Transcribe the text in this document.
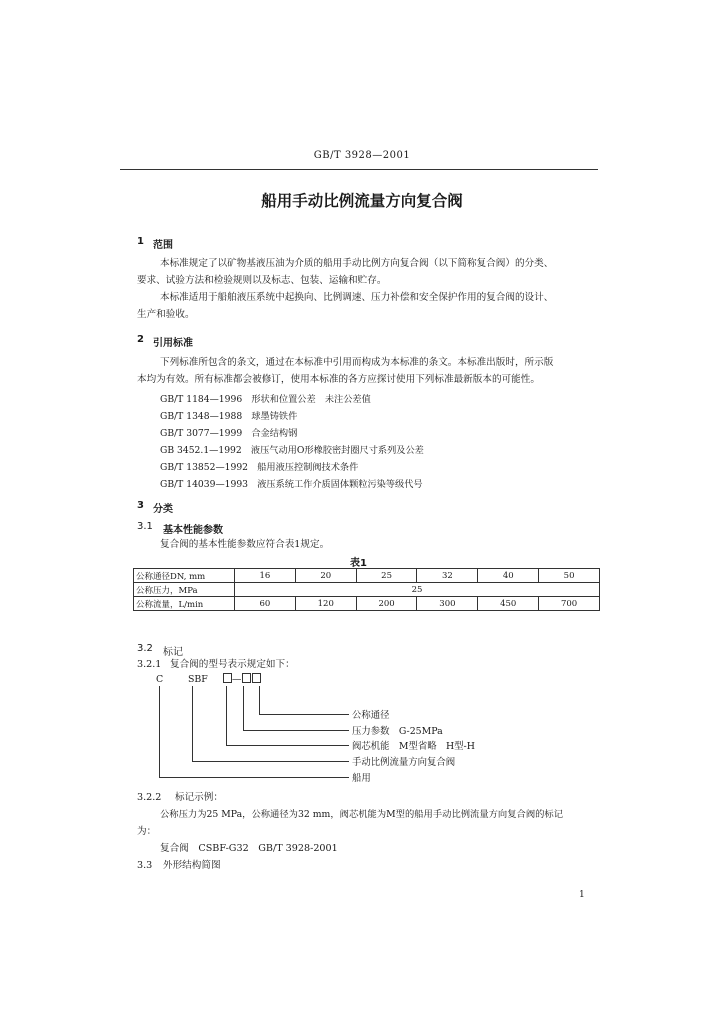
GB/T 3928—2001
船用手动比例流量方向复合阀
1 范围
本标准规定了以矿物基液压油为介质的船用手动比例方向复合阀（以下简称复合阀）的分类、
要求、试验方法和检验规则以及标志、包装、运输和贮存。
本标准适用于船舶液压系统中起换向、比例调速、压力补偿和安全保护作用的复合阀的设计、
生产和验收。
2 引用标准
下列标准所包含的条文，通过在本标准中引用而构成为本标准的条文。本标准出版时，所示版
本均为有效。所有标准都会被修订，使用本标准的各方应探讨使用下列标准最新版本的可能性。
GB/T 1184—1996　形状和位置公差　未注公差值
GB/T 1348—1988　球墨铸铁件
GB/T 3077—1999　合金结构钢
GB 3452.1—1992　液压气动用O形橡胶密封圈尺寸系列及公差
GB/T 13852—1992　船用液压控制阀技术条件
GB/T 14039—1993　液压系统工作介质固体颗粒污染等级代号
3 分类
3.1 基本性能参数
复合阀的基本性能参数应符合表1规定。
表1
公称通径DN, mm	16	20	25	32	40	50
公称压力，MPa	25					
公称流量，L/min	60	120	200	300	450	700
3.2 标记
3.2.1 复合阀的型号表示规定如下：
C	SBF	—
公称通径
压力参数　G-25MPa
阀芯机能　M型省略　H型-H
手动比例流量方向复合阀
船用
3.2.2 标记示例：
公称压力为25 MPa，公称通径为32 mm，阀芯机能为M型的船用手动比例流量方向复合阀的标记
为：
复合阀　CSBF-G32　GB/T 3928-2001
3.3 外形结构简图
1
